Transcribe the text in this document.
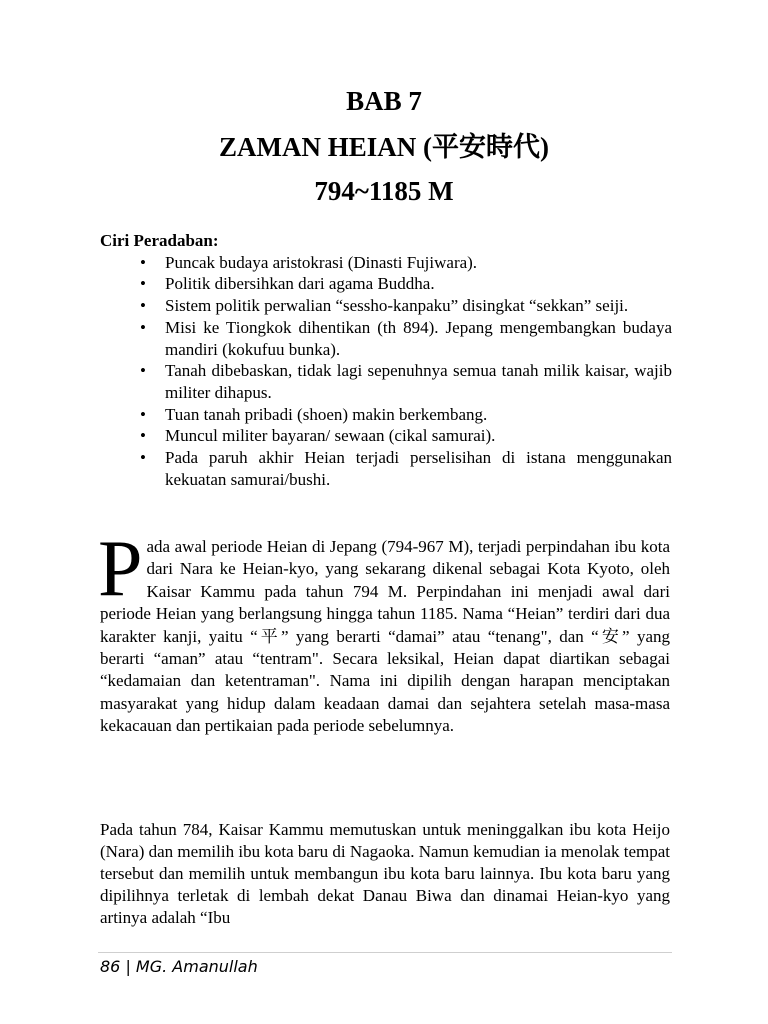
BAB 7
ZAMAN HEIAN (平安時代)
794~1185 M

Ciri Peradaban:

• Puncak budaya aristokrasi (Dinasti Fujiwara).
• Politik dibersihkan dari agama Buddha.
• Sistem politik perwalian “sessho-kanpaku” disingkat “sekkan” seiji.
• Misi ke Tiongkok dihentikan (th 894). Jepang mengembangkan budaya mandiri (kokufuu bunka).
• Tanah dibebaskan, tidak lagi sepenuhnya semua tanah milik kaisar, wajib militer dihapus.
• Tuan tanah pribadi (shoen) makin berkembang.
• Muncul militer bayaran/ sewaan (cikal samurai).
• Pada paruh akhir Heian terjadi perselisihan di istana menggunakan kekuatan samurai/bushi.

Pada awal periode Heian di Jepang (794-967 M), terjadi perpindahan ibu kota dari Nara ke Heian-kyo, yang sekarang dikenal sebagai Kota Kyoto, oleh Kaisar Kammu pada tahun 794 M. Perpindahan ini menjadi awal dari periode Heian yang berlangsung hingga tahun 1185. Nama “Heian” terdiri dari dua karakter kanji, yaitu “平” yang berarti “damai” atau “tenang", dan “安” yang berarti “aman” atau “tentram". Secara leksikal, Heian dapat diartikan sebagai “kedamaian dan ketentraman". Nama ini dipilih dengan harapan menciptakan masyarakat yang hidup dalam keadaan damai dan sejahtera setelah masa-masa kekacauan dan pertikaian pada periode sebelumnya.

Pada tahun 784, Kaisar Kammu memutuskan untuk meninggalkan ibu kota Heijo (Nara) dan memilih ibu kota baru di Nagaoka. Namun kemudian ia menolak tempat tersebut dan memilih untuk membangun ibu kota baru lainnya. Ibu kota baru yang dipilihnya terletak di lembah dekat Danau Biwa dan dinamai Heian-kyo yang artinya adalah “Ibu

86 | MG. Amanullah
